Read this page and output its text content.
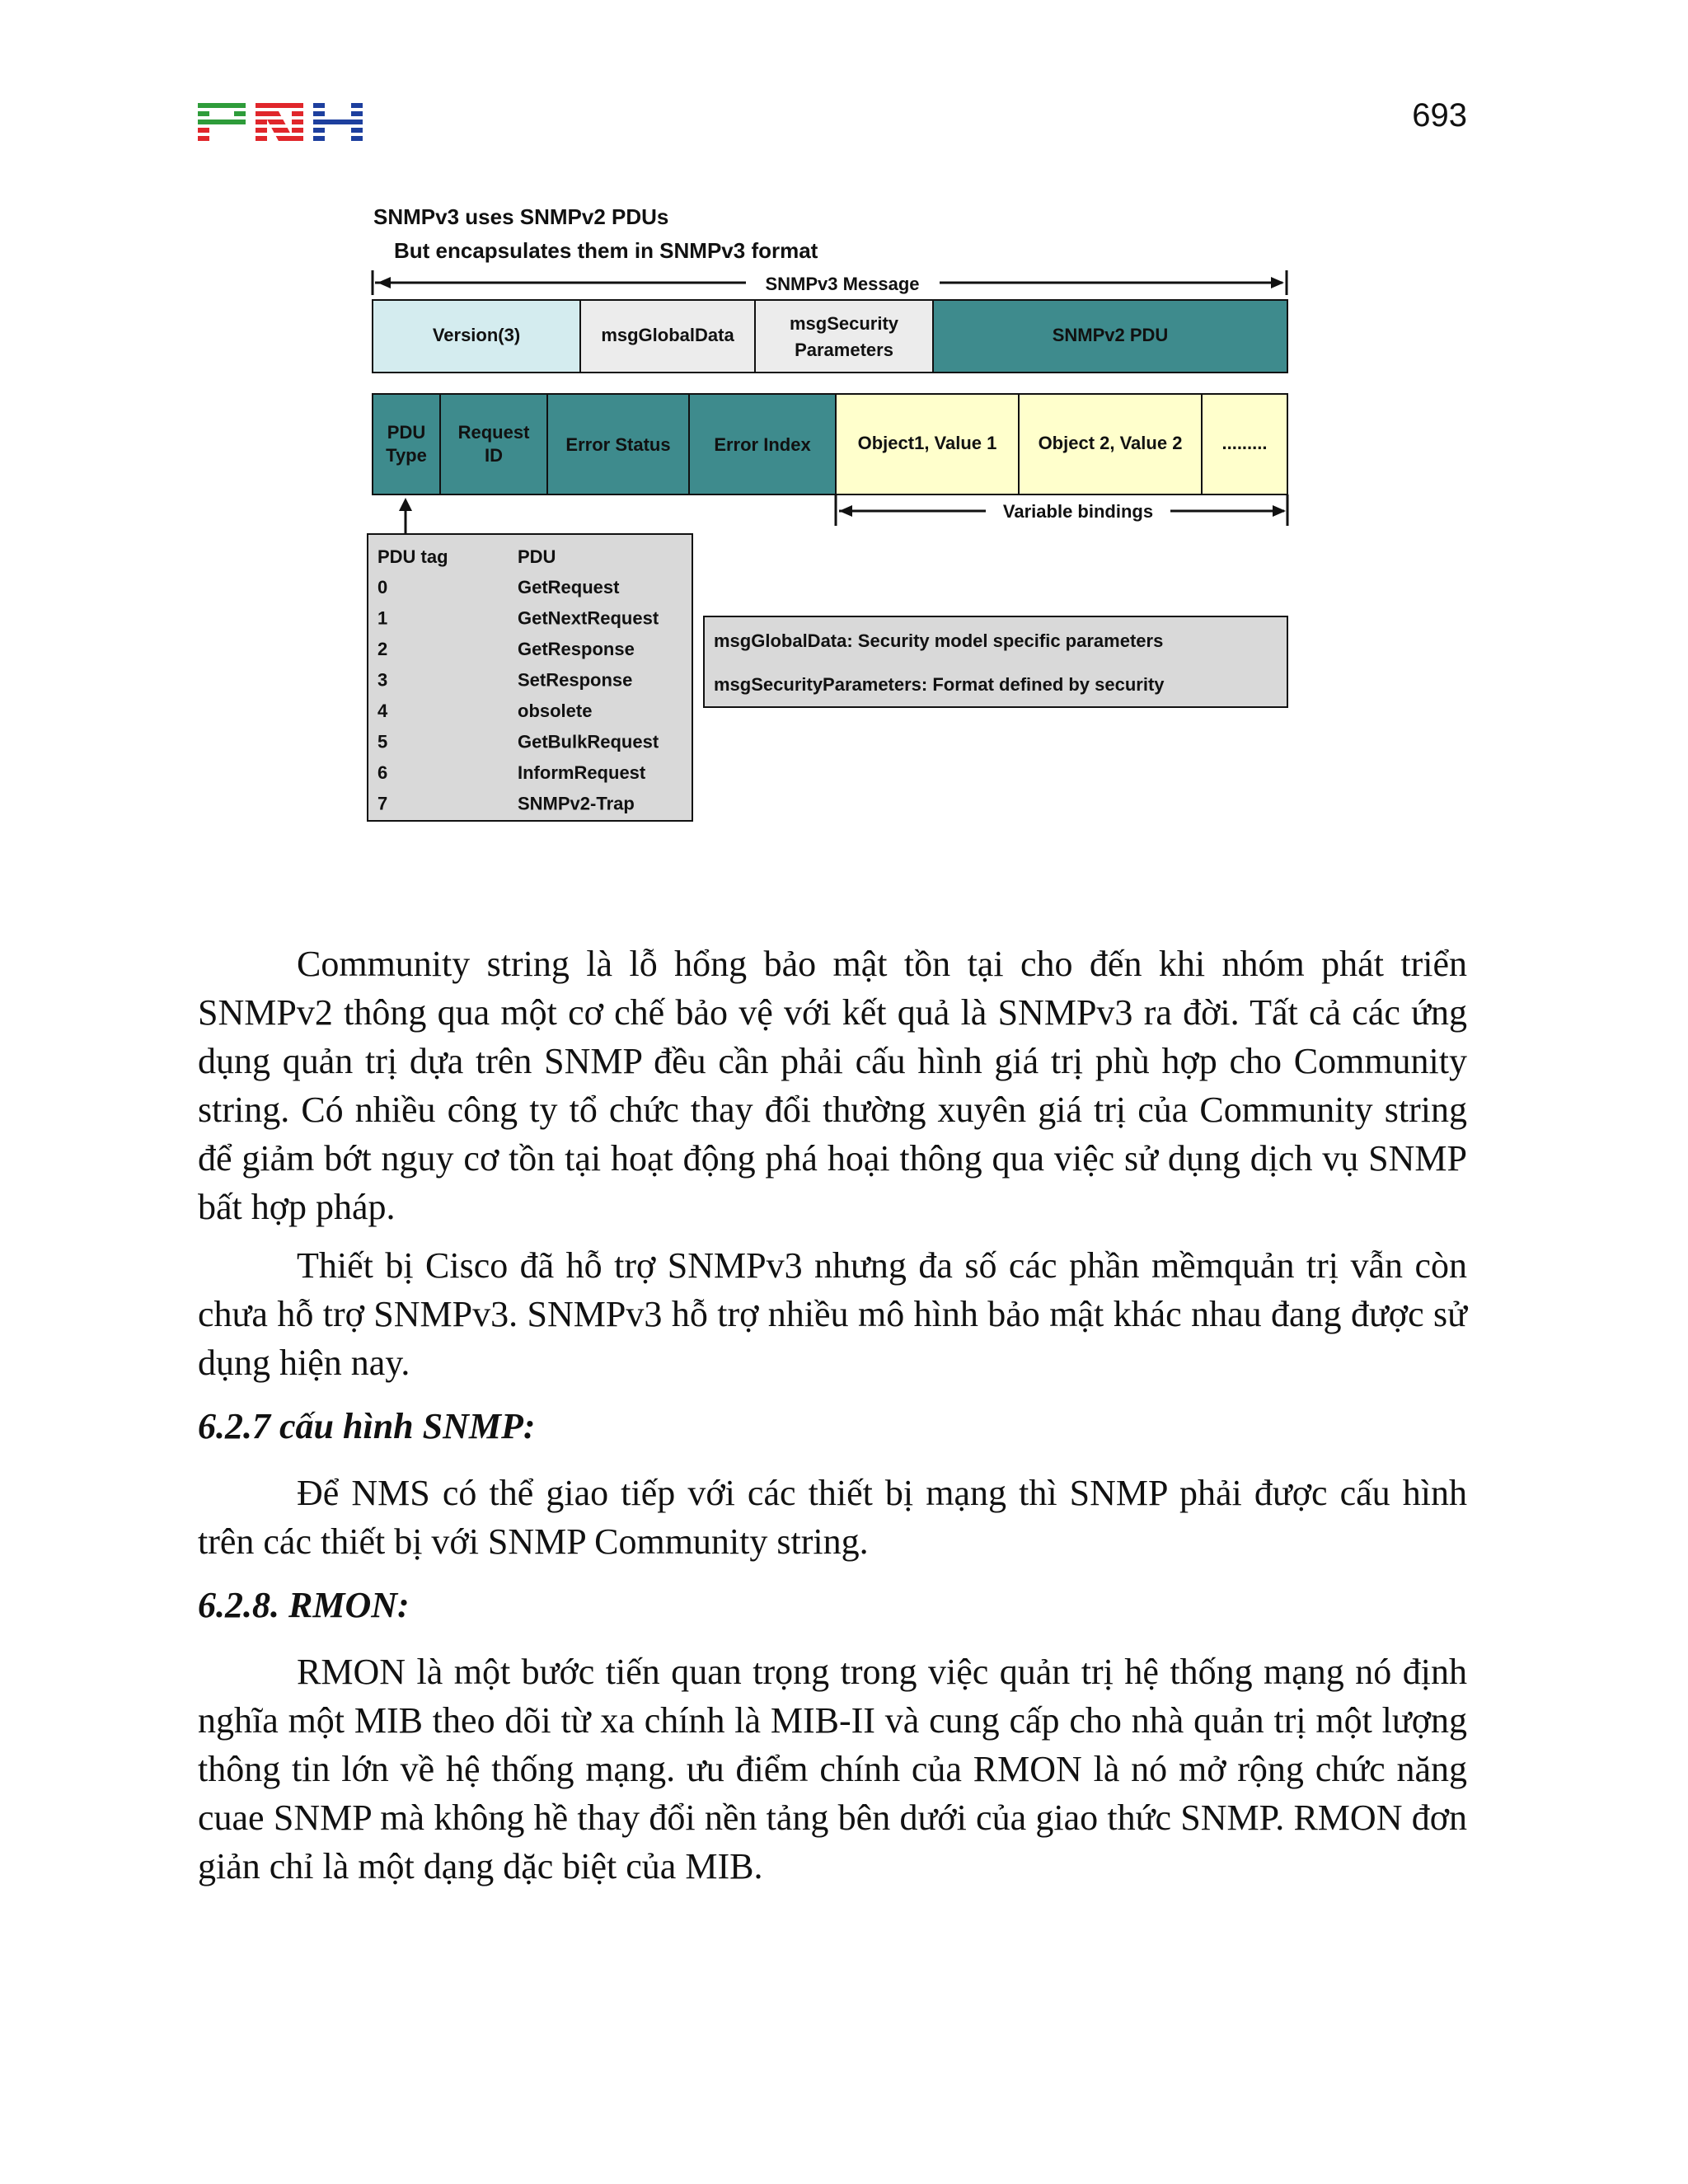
693
SNMPv3 uses SNMPv2 PDUs
But encapsulates them in SNMPv3 format
SNMPv3 Message
Version(3)	msgGlobalData
msgSecurity
Parameters
SNMPv2 PDU
PDU
Type
Request
ID
Error Status Error Index	Object1, Value 1 Object 2, Value 2 .........
Variable bindings
PDU tag	PDU
0	GetRequest
1	GetNextRequest
2	GetResponse
3	SetResponse
4	obsolete
5	GetBulkRequest
6	InformRequest
7	SNMPv2-Trap
msgGlobalData: Security model specific parameters
msgSecurityParameters: Format defined by security

Community string là lỗ hổng bảo mật tồn tại cho đến khi nhóm phát triển SNMPv2 thông qua một cơ chế bảo vệ với kết quả là SNMPv3 ra đời. Tất cả các ứng dụng quản trị dựa trên SNMP đều cần phải cấu hình giá trị phù hợp cho Community string. Có nhiều công ty tổ chức thay đổi thường xuyên giá trị của Community string để giảm bớt nguy cơ tồn tại hoạt động phá hoại thông qua việc sử dụng dịch vụ SNMP bất hợp pháp.

Thiết bị Cisco đã hỗ trợ SNMPv3 nhưng đa số các phần mềmquản trị vẫn còn chưa hỗ trợ SNMPv3. SNMPv3 hỗ trợ nhiều mô hình bảo mật khác nhau đang được sử dụng hiện nay.

6.2.7 cấu hình SNMP:

Để NMS có thể giao tiếp với các thiết bị mạng thì SNMP phải được cấu hình trên các thiết bị với SNMP Community string.

6.2.8. RMON:

RMON là một bước tiến quan trọng trong việc quản trị hệ thống mạng nó định nghĩa một MIB theo dõi từ xa chính là MIB-II và cung cấp cho nhà quản trị một lượng thông tin lớn về hệ thống mạng. ưu điểm chính của RMON là nó mở rộng chức năng cuae SNMP mà không hề thay đổi nền tảng bên dưới của giao thức SNMP. RMON đơn giản chỉ là một dạng dặc biệt của MIB.
